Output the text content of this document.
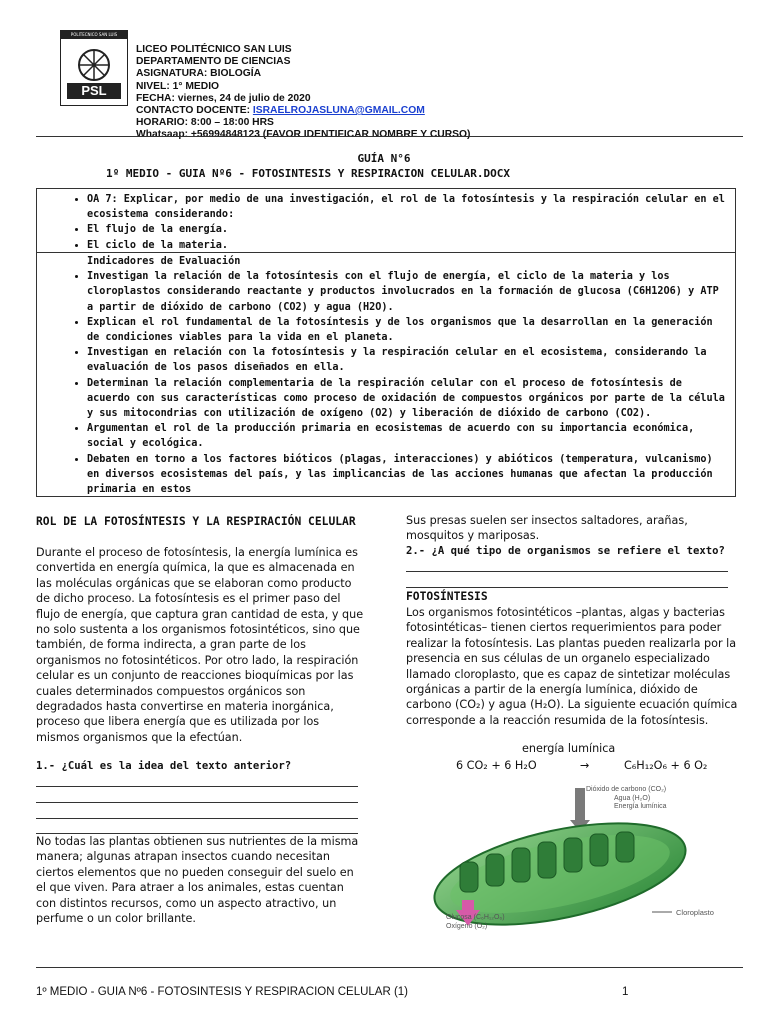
POLITECNICO SAN LUIS
PSL
LICEO POLITÉCNICO SAN LUIS
DEPARTAMENTO DE CIENCIAS
ASIGNATURA: BIOLOGÍA
NIVEL: 1° MEDIO
FECHA: viernes, 24 de julio de 2020
CONTACTO DOCENTE: ISRAELROJASLUNA@GMAIL.COM
HORARIO: 8:00 – 18:00 HRS
Whatsaap: +56994848123 (FAVOR IDENTIFICAR NOMBRE Y CURSO)
GUÍA N°6
1º MEDIO - GUIA Nº6 - FOTOSINTESIS Y RESPIRACION CELULAR.DOCX
• OA 7: Explicar, por medio de una investigación, el rol de la fotosíntesis y la respiración celular en el ecosistema considerando:
• El flujo de la energía.
• El ciclo de la materia.
Indicadores de Evaluación
• Investigan la relación de la fotosíntesis con el flujo de energía, el ciclo de la materia y los cloroplastos considerando reactante y productos involucrados en la formación de glucosa (C6H12O6) y ATP a partir de dióxido de carbono (CO2) y agua (H2O).
• Explican el rol fundamental de la fotosíntesis y de los organismos que la desarrollan en la generación de condiciones viables para la vida en el planeta.
• Investigan en relación con la fotosíntesis y la respiración celular en el ecosistema, considerando la evaluación de los pasos diseñados en ella.
• Determinan la relación complementaria de la respiración celular con el proceso de fotosíntesis de acuerdo con sus características como proceso de oxidación de compuestos orgánicos por parte de la célula y sus mitocondrias con utilización de oxígeno (O2) y liberación de dióxido de carbono (CO2).
• Argumentan el rol de la producción primaria en ecosistemas de acuerdo con su importancia económica, social y ecológica.
• Debaten en torno a los factores bióticos (plagas, interacciones) y abióticos (temperatura, vulcanismo) en diversos ecosistemas del país, y las implicancias de las acciones humanas que afectan la producción primaria en estos
ROL DE LA FOTOSÍNTESIS Y LA RESPIRACIÓN CELULAR

Durante el proceso de fotosíntesis, la energía lumínica es convertida en energía química, la que es almacenada en las moléculas orgánicas que se elaboran como producto de dicho proceso. La fotosíntesis es el primer paso del flujo de energía, que captura gran cantidad de esta, y que no solo sustenta a los organismos fotosintéticos, sino que también, de forma indirecta, a gran parte de los organismos no fotosintéticos. Por otro lado, la respiración celular es un conjunto de reacciones bioquímicas por las cuales determinados compuestos orgánicos son degradados hasta convertirse en materia inorgánica, proceso que libera energía que es utilizada por los mismos organismos que la efectúan.

1.- ¿Cuál es la idea del texto anterior?

No todas las plantas obtienen sus nutrientes de la misma manera; algunas atrapan insectos cuando necesitan ciertos elementos que no pueden conseguir del suelo en el que viven. Para atraer a los animales, estas cuentan con distintos recursos, como un aspecto atractivo, un perfume o un color brillante.

Sus presas suelen ser insectos saltadores, arañas, mosquitos y mariposas.

2.- ¿A qué tipo de organismos se refiere el texto?
FOTOSÍNTESIS

Los organismos fotosintéticos –plantas, algas y bacterias fotosintéticas– tienen ciertos requerimientos para poder realizar la fotosíntesis. Las plantas pueden realizarla por la presencia en sus células de un organelo especializado llamado cloroplasto, que es capaz de sintetizar moléculas orgánicas a partir de la energía lumínica, dióxido de carbono (CO₂) y agua (H₂O). La siguiente ecuación química corresponde a la reacción resumida de la fotosíntesis.

energía lumínica
6 CO₂ + 6 H₂O	→	C₆H₁₂O₆ + 6 O₂
Dióxido de carbono (CO₂)
Agua (H₂O)
Energía lumínica
Glucosa (C₆H₁₂O₆)
Oxígeno (O₂)
Cloroplasto
1º MEDIO - GUIA Nº6 - FOTOSINTESIS Y RESPIRACION CELULAR (1)	1
